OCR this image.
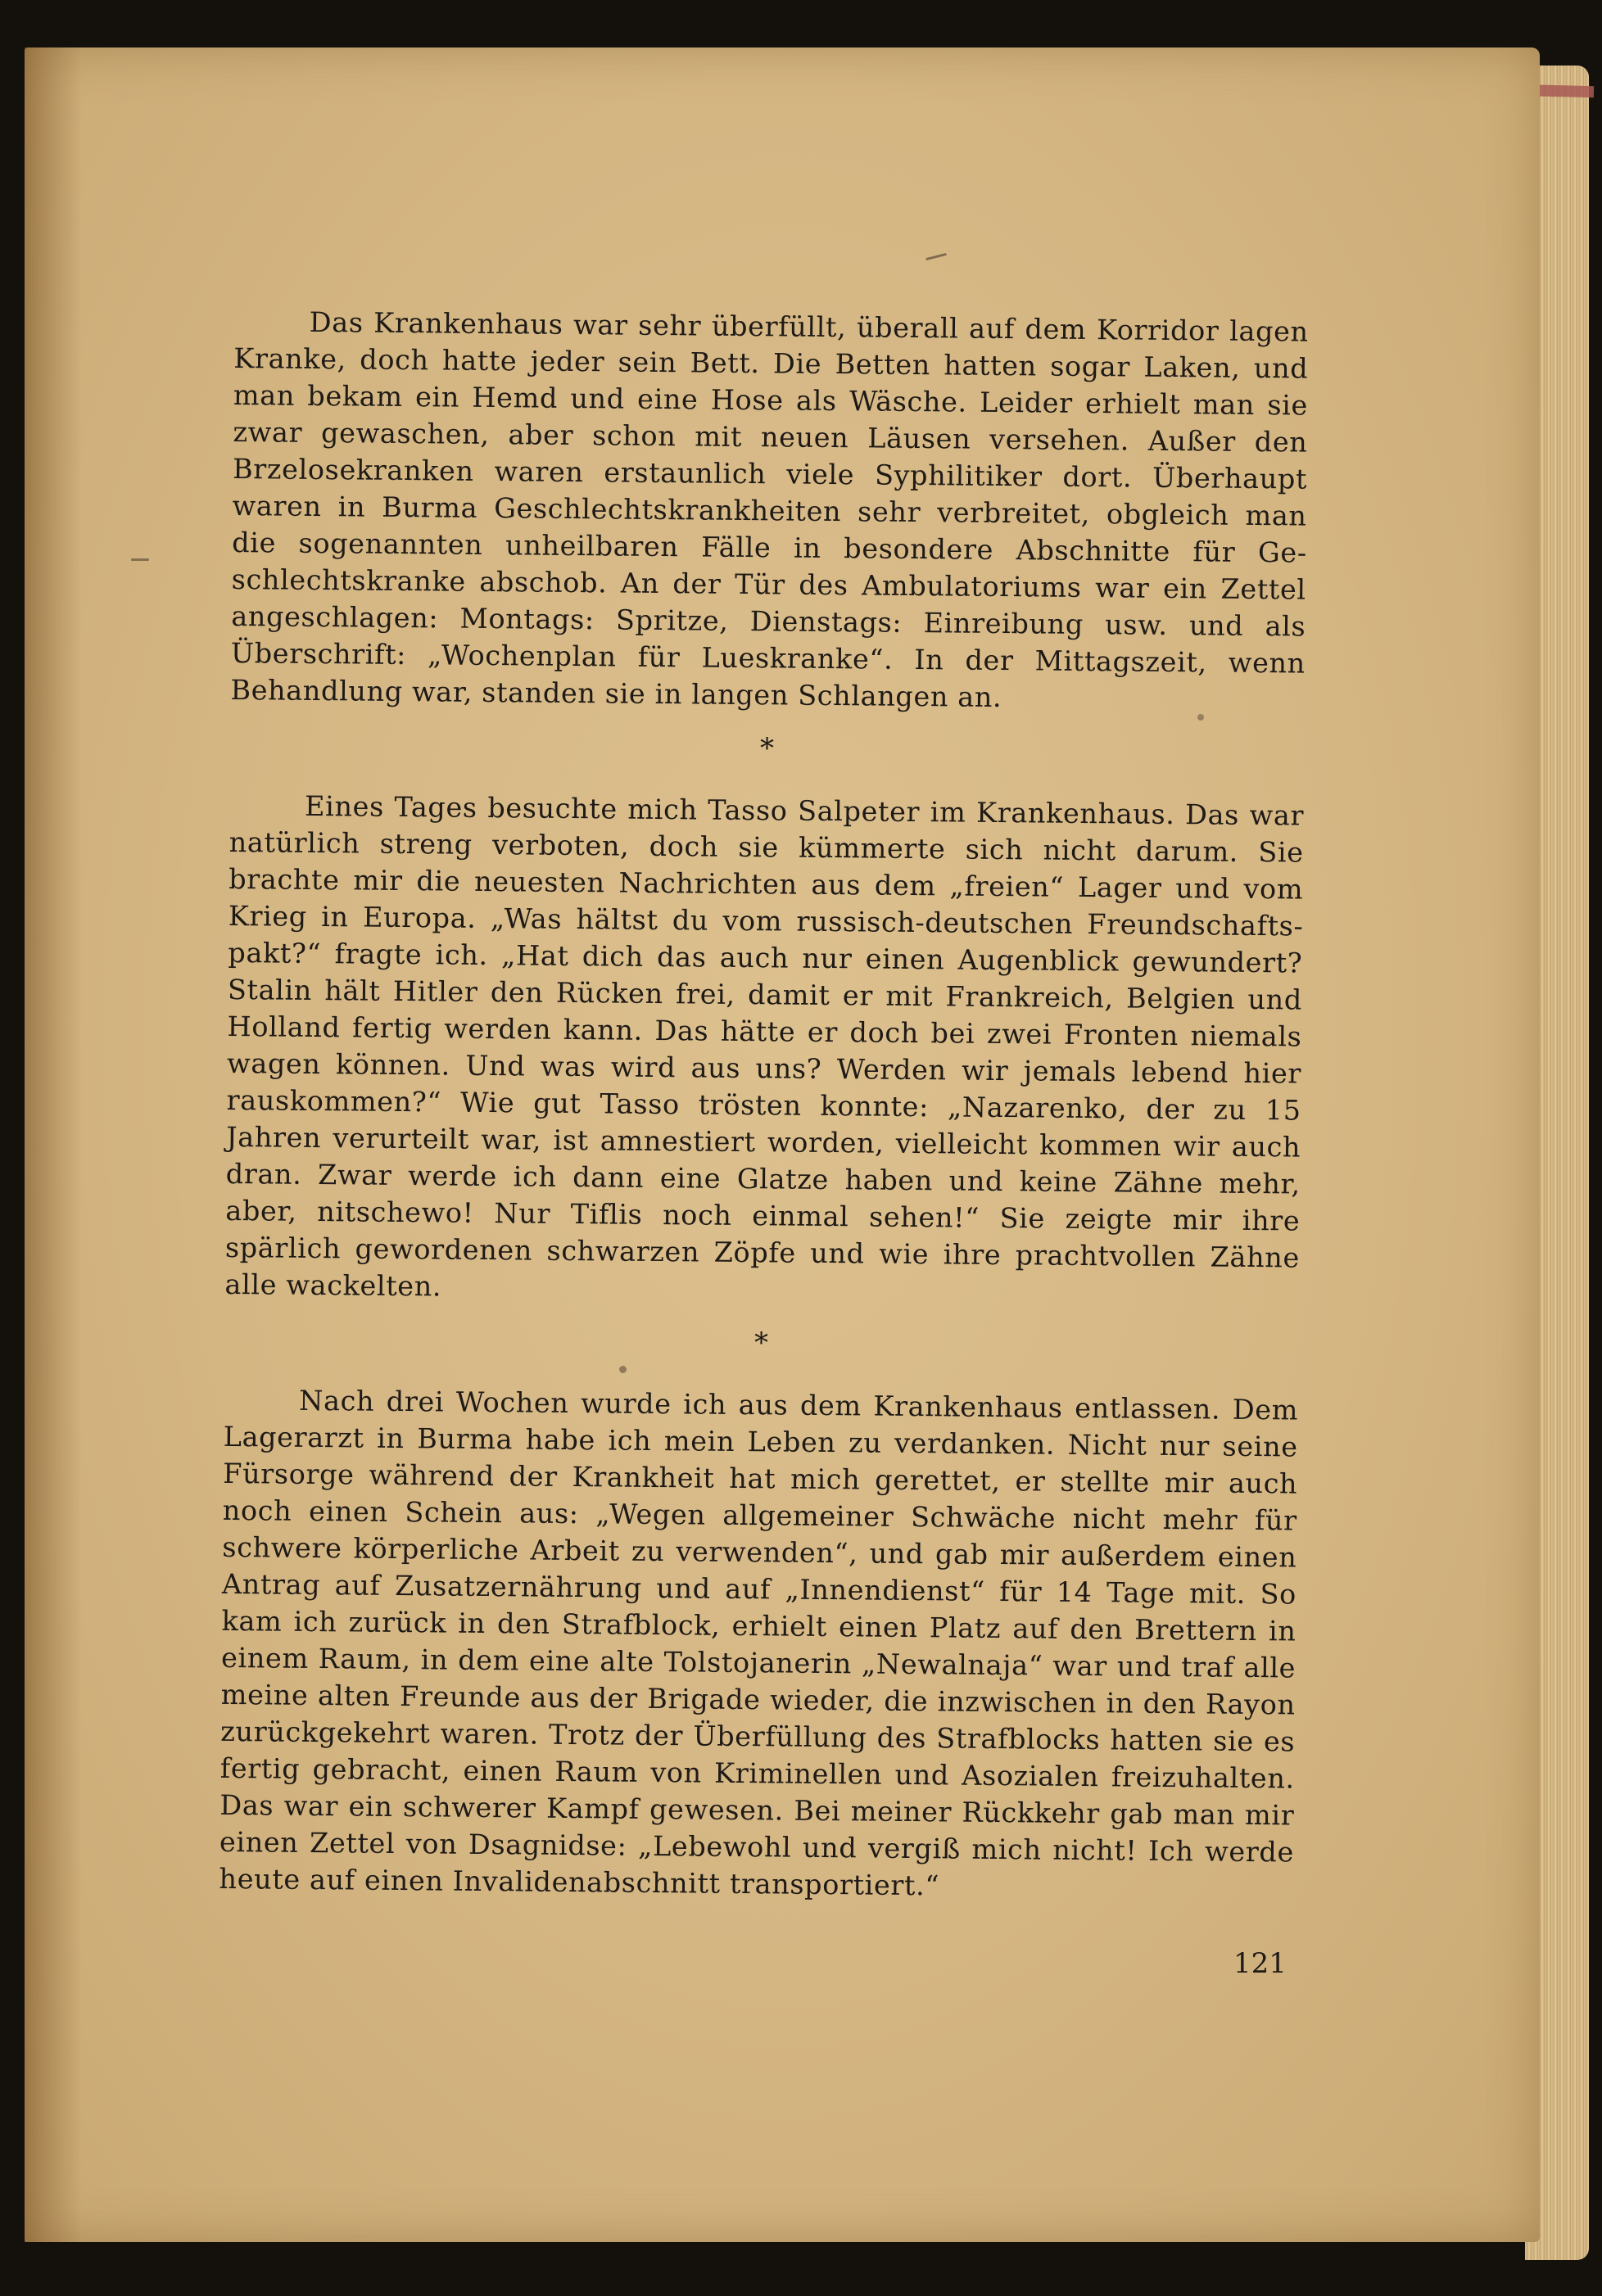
Das Krankenhaus war sehr überfüllt, überall auf dem Korridor lagen Kranke, doch hatte jeder sein Bett. Die Betten hatten sogar Laken, und man bekam ein Hemd und eine Hose als Wäsche. Leider erhielt man sie zwar gewaschen, aber schon mit neuen Läusen versehen. Außer den Brzelosekranken waren erstaunlich viele Syphilitiker dort. Überhaupt waren in Burma Geschlechtskrankheiten sehr verbreitet, obgleich man die sogenannten unheilbaren Fälle in besondere Abschnitte für Geschlechtskranke abschob. An der Tür des Ambulatoriums war ein Zettel angeschlagen: Montags: Spritze, Dienstags: Einreibung usw. und als Überschrift: „Wochenplan für Lueskranke“. In der Mittagszeit, wenn Behandlung war, standen sie in langen Schlangen an.

*

Eines Tages besuchte mich Tasso Salpeter im Krankenhaus. Das war natürlich streng verboten, doch sie kümmerte sich nicht darum. Sie brachte mir die neuesten Nachrichten aus dem „freien“ Lager und vom Krieg in Europa. „Was hältst du vom russisch-deutschen Freundschaftspakt?“ fragte ich. „Hat dich das auch nur einen Augenblick gewundert? Stalin hält Hitler den Rücken frei, damit er mit Frankreich, Belgien und Holland fertig werden kann. Das hätte er doch bei zwei Fronten niemals wagen können. Und was wird aus uns? Werden wir jemals lebend hier rauskommen?“ Wie gut Tasso trösten konnte: „Nazarenko, der zu 15 Jahren verurteilt war, ist amnestiert worden, vielleicht kommen wir auch dran. Zwar werde ich dann eine Glatze haben und keine Zähne mehr, aber, nitschewo! Nur Tiflis noch einmal sehen!“ Sie zeigte mir ihre spärlich gewordenen schwarzen Zöpfe und wie ihre prachtvollen Zähne alle wackelten.

*

Nach drei Wochen wurde ich aus dem Krankenhaus entlassen. Dem Lagerarzt in Burma habe ich mein Leben zu verdanken. Nicht nur seine Fürsorge während der Krankheit hat mich gerettet, er stellte mir auch noch einen Schein aus: „Wegen allgemeiner Schwäche nicht mehr für schwere körperliche Arbeit zu verwenden“, und gab mir außerdem einen Antrag auf Zusatzernährung und auf „Innendienst“ für 14 Tage mit. So kam ich zurück in den Strafblock, erhielt einen Platz auf den Brettern in einem Raum, in dem eine alte Tolstojanerin „Newalnaja“ war und traf alle meine alten Freunde aus der Brigade wieder, die inzwischen in den Rayon zurückgekehrt waren. Trotz der Überfüllung des Strafblocks hatten sie es fertig gebracht, einen Raum von Kriminellen und Asozialen freizuhalten. Das war ein schwerer Kampf gewesen. Bei meiner Rückkehr gab man mir einen Zettel von Dsagnidse: „Lebewohl und vergiß mich nicht! Ich werde heute auf einen Invalidenabschnitt transportiert.“

121
